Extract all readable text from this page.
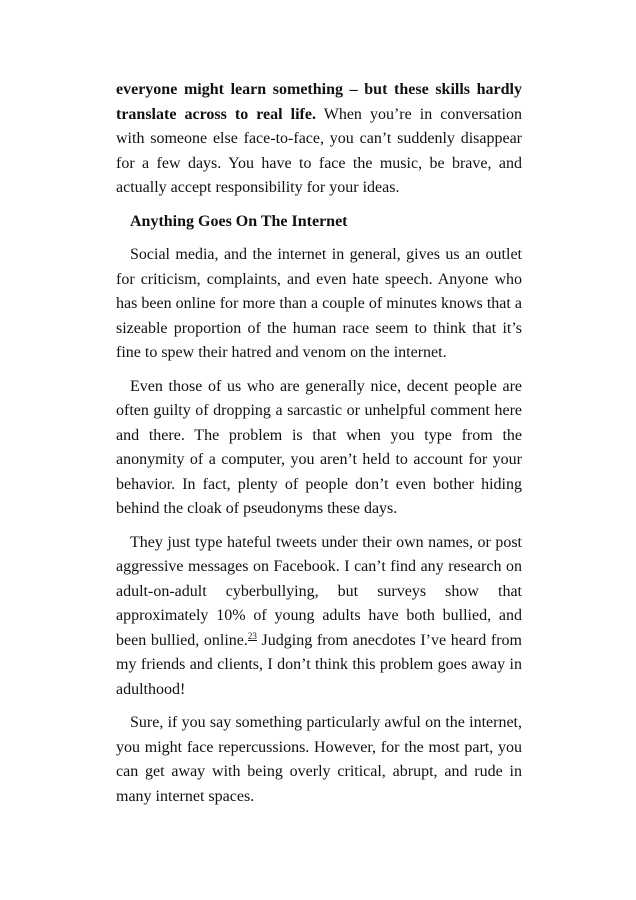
everyone might learn something – but these skills hardly translate across to real life. When you’re in conversation with someone else face-to-face, you can’t suddenly disappear for a few days. You have to face the music, be brave, and actually accept responsibility for your ideas.

Anything Goes On The Internet

Social media, and the internet in general, gives us an outlet for criticism, complaints, and even hate speech. Anyone who has been online for more than a couple of minutes knows that a sizeable proportion of the human race seem to think that it’s fine to spew their hatred and venom on the internet.

Even those of us who are generally nice, decent people are often guilty of dropping a sarcastic or unhelpful comment here and there. The problem is that when you type from the anonymity of a computer, you aren’t held to account for your behavior. In fact, plenty of people don’t even bother hiding behind the cloak of pseudonyms these days.

They just type hateful tweets under their own names, or post aggressive messages on Facebook. I can’t find any research on adult-on-adult cyberbullying, but surveys show that approximately 10% of young adults have both bullied, and been bullied, online.$^{23}$ Judging from anecdotes I’ve heard from my friends and clients, I don’t think this problem goes away in adulthood!

Sure, if you say something particularly awful on the internet, you might face repercussions. However, for the most part, you can get away with being overly critical, abrupt, and rude in many internet spaces.
